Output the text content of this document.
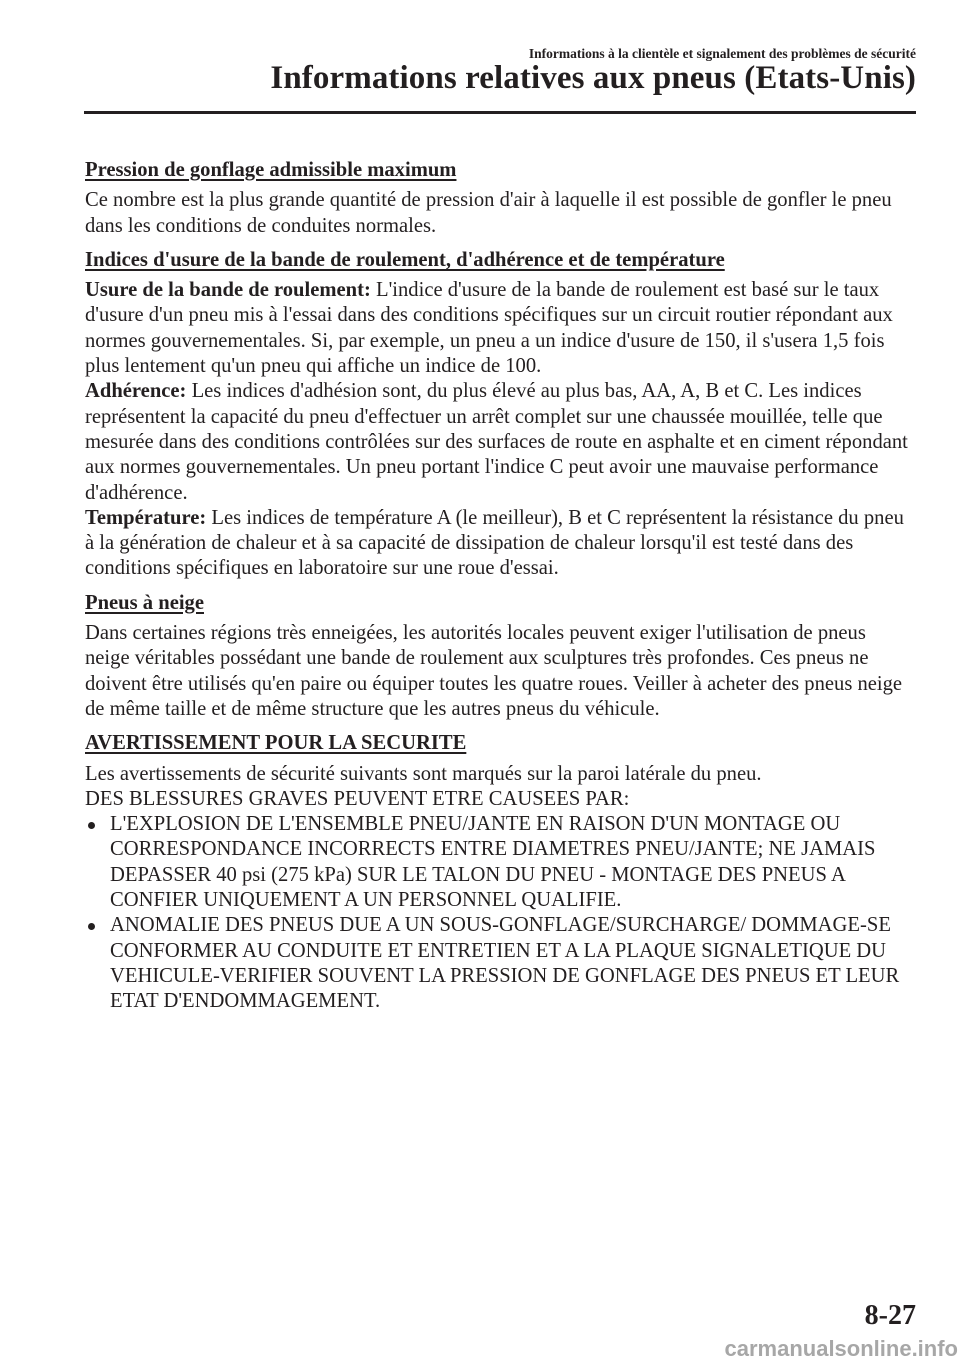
Informations à la clientèle et signalement des problèmes de sécurité
Informations relatives aux pneus (Etats-Unis)
Pression de gonflage admissible maximum

Ce nombre est la plus grande quantité de pression d'air à laquelle il est possible de gonfler le pneu dans les conditions de conduites normales.

Indices d'usure de la bande de roulement, d'adhérence et de température

Usure de la bande de roulement: L'indice d'usure de la bande de roulement est basé sur le taux d'usure d'un pneu mis à l'essai dans des conditions spécifiques sur un circuit routier répondant aux normes gouvernementales. Si, par exemple, un pneu a un indice d'usure de 150, il s'usera 1,5 fois plus lentement qu'un pneu qui affiche un indice de 100.

Adhérence: Les indices d'adhésion sont, du plus élevé au plus bas, AA, A, B et C. Les indices représentent la capacité du pneu d'effectuer un arrêt complet sur une chaussée mouillée, telle que mesurée dans des conditions contrôlées sur des surfaces de route en asphalte et en ciment répondant aux normes gouvernementales. Un pneu portant l'indice C peut avoir une mauvaise performance d'adhérence.

Température: Les indices de température A (le meilleur), B et C représentent la résistance du pneu à la génération de chaleur et à sa capacité de dissipation de chaleur lorsqu'il est testé dans des conditions spécifiques en laboratoire sur une roue d'essai.

Pneus à neige

Dans certaines régions très enneigées, les autorités locales peuvent exiger l'utilisation de pneus neige véritables possédant une bande de roulement aux sculptures très profondes. Ces pneus ne doivent être utilisés qu'en paire ou équiper toutes les quatre roues. Veiller à acheter des pneus neige de même taille et de même structure que les autres pneus du véhicule.

AVERTISSEMENT POUR LA SECURITE

Les avertissements de sécurité suivants sont marqués sur la paroi latérale du pneu.

DES BLESSURES GRAVES PEUVENT ETRE CAUSEES PAR:

L'EXPLOSION DE L'ENSEMBLE PNEU/JANTE EN RAISON D'UN MONTAGE OU CORRESPONDANCE INCORRECTS ENTRE DIAMETRES PNEU/JANTE; NE JAMAIS DEPASSER 40 psi (275 kPa) SUR LE TALON DU PNEU - MONTAGE DES PNEUS A CONFIER UNIQUEMENT A UN PERSONNEL QUALIFIE.
ANOMALIE DES PNEUS DUE A UN SOUS-GONFLAGE/SURCHARGE/ DOMMAGE-SE CONFORMER AU CONDUITE ET ENTRETIEN ET A LA PLAQUE SIGNALETIQUE DU VEHICULE-VERIFIER SOUVENT LA PRESSION DE GONFLAGE DES PNEUS ET LEUR ETAT D'ENDOMMAGEMENT.
8-27
carmanualsonline.info
